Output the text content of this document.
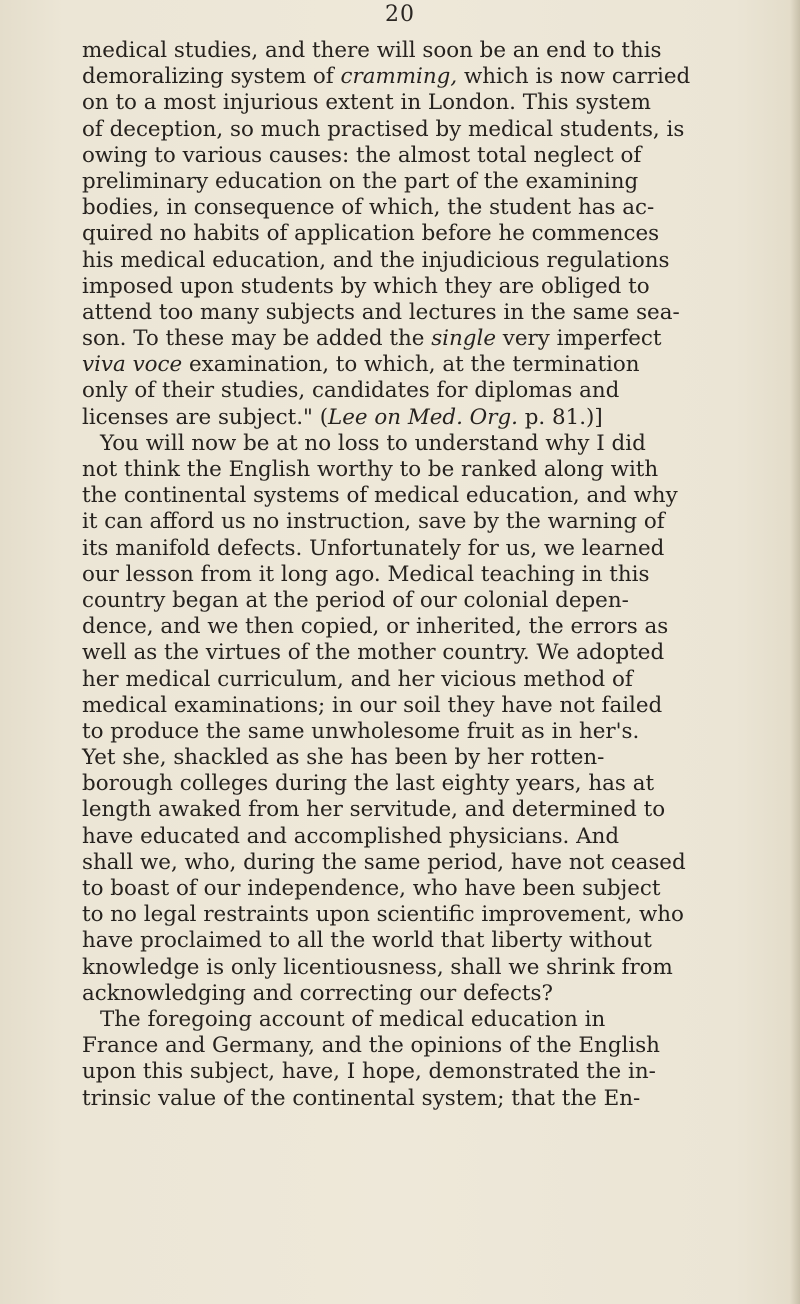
20
medical studies, and there will soon be an end to this
demoralizing system of cramming, which is now carried
on to a most injurious extent in London. This system
of deception, so much practised by medical students, is
owing to various causes: the almost total neglect of
preliminary education on the part of the examining
bodies, in consequence of which, the student has ac-
quired no habits of application before he commences
his medical education, and the injudicious regulations
imposed upon students by which they are obliged to
attend too many subjects and lectures in the same sea-
son. To these may be added the single very imperfect
viva voce examination, to which, at the termination
only of their studies, candidates for diplomas and
licenses are subject." (Lee on Med. Org. p. 81.)]
You will now be at no loss to understand why I did
not think the English worthy to be ranked along with
the continental systems of medical education, and why
it can afford us no instruction, save by the warning of
its manifold defects. Unfortunately for us, we learned
our lesson from it long ago. Medical teaching in this
country began at the period of our colonial depen-
dence, and we then copied, or inherited, the errors as
well as the virtues of the mother country. We adopted
her medical curriculum, and her vicious method of
medical examinations; in our soil they have not failed
to produce the same unwholesome fruit as in her's.
Yet she, shackled as she has been by her rotten-
borough colleges during the last eighty years, has at
length awaked from her servitude, and determined to
have educated and accomplished physicians. And
shall we, who, during the same period, have not ceased
to boast of our independence, who have been subject
to no legal restraints upon scientific improvement, who
have proclaimed to all the world that liberty without
knowledge is only licentiousness, shall we shrink from
acknowledging and correcting our defects?
The foregoing account of medical education in
France and Germany, and the opinions of the English
upon this subject, have, I hope, demonstrated the in-
trinsic value of the continental system; that the En-
